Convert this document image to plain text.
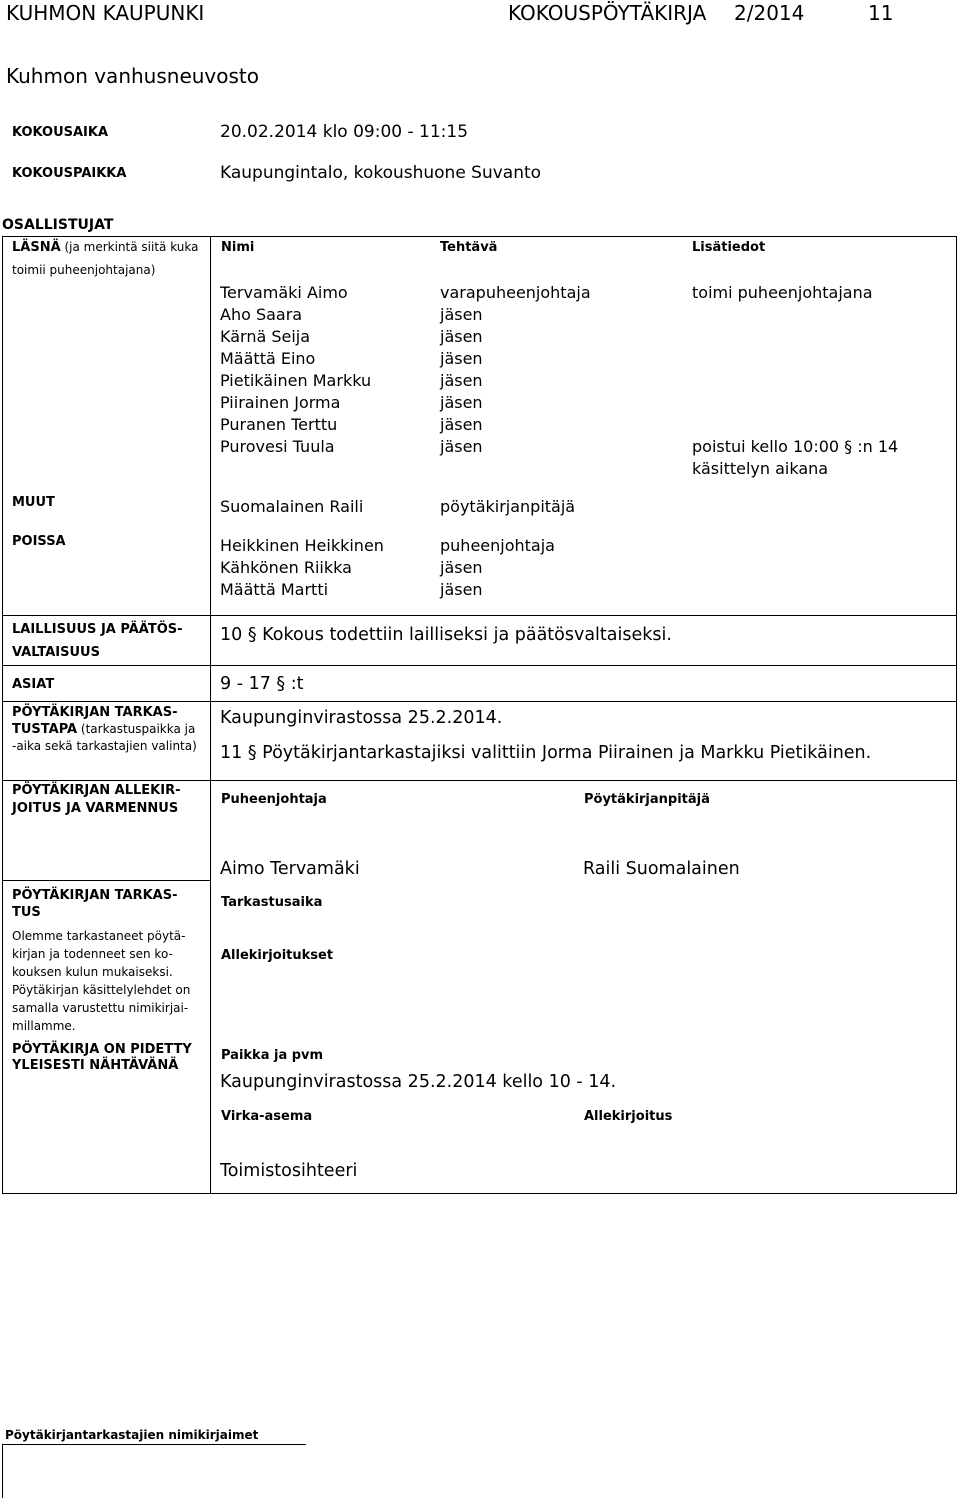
KUHMON KAUPUNKI	KOKOUSPÖYTÄKIRJA 2/2014	11
Kuhmon vanhusneuvosto
KOKOUSAIKA	20.02.2014 klo 09:00 - 11:15
KOKOUSPAIKKA	Kaupungintalo, kokoushuone Suvanto
OSALLISTUJAT
LÄSNÄ (ja merkintä siitä kuka
toimii puheenjohtajana)
Nimi	Tehtävä	Lisätiedot
Tervamäki Aimo	varapuheenjohtaja	toimi puheenjohtajana
Aho Saara	jäsen
Kärnä Seija	jäsen
Määttä Eino	jäsen
Pietikäinen Markku	jäsen
Piirainen Jorma	jäsen
Puranen Terttu	jäsen
Purovesi Tuula	jäsen	poistui kello 10:00 § :n 14
käsittelyn aikana
MUUT	Suomalainen Raili	pöytäkirjanpitäjä
POISSA	Heikkinen Heikkinen	puheenjohtaja
Kähkönen Riikka	jäsen
Määttä Martti	jäsen
LAILLISUUS JA PÄÄTÖS-
VALTAISUUS
10 § Kokous todettiin lailliseksi ja päätösvaltaiseksi.
ASIAT	9 - 17 § :t
PÖYTÄKIRJAN TARKAS-
TUSTAPA (tarkastuspaikka ja
-aika sekä tarkastajien valinta)
Kaupunginvirastossa 25.2.2014.
11 § Pöytäkirjantarkastajiksi valittiin Jorma Piirainen ja Markku Pietikäinen.
PÖYTÄKIRJAN ALLEKIR-
JOITUS JA VARMENNUS
Puheenjohtaja	Pöytäkirjanpitäjä
Aimo Tervamäki	Raili Suomalainen
Tarkastusaika
Allekirjoitukset
PÖYTÄKIRJAN TARKAS-
TUS
Olemme tarkastaneet pöytä-
kirjan ja todenneet sen ko-
kouksen kulun mukaiseksi.
Pöytäkirjan käsittelylehdet on
samalla varustettu nimikirjai-
millamme.
PÖYTÄKIRJA ON PIDETTY
YLEISESTI NÄHTÄVÄNÄ
Paikka ja pvm
Kaupunginvirastossa 25.2.2014 kello 10 - 14.
Virka-asema	Allekirjoitus
Toimistosihteeri
Pöytäkirjantarkastajien nimikirjaimet
